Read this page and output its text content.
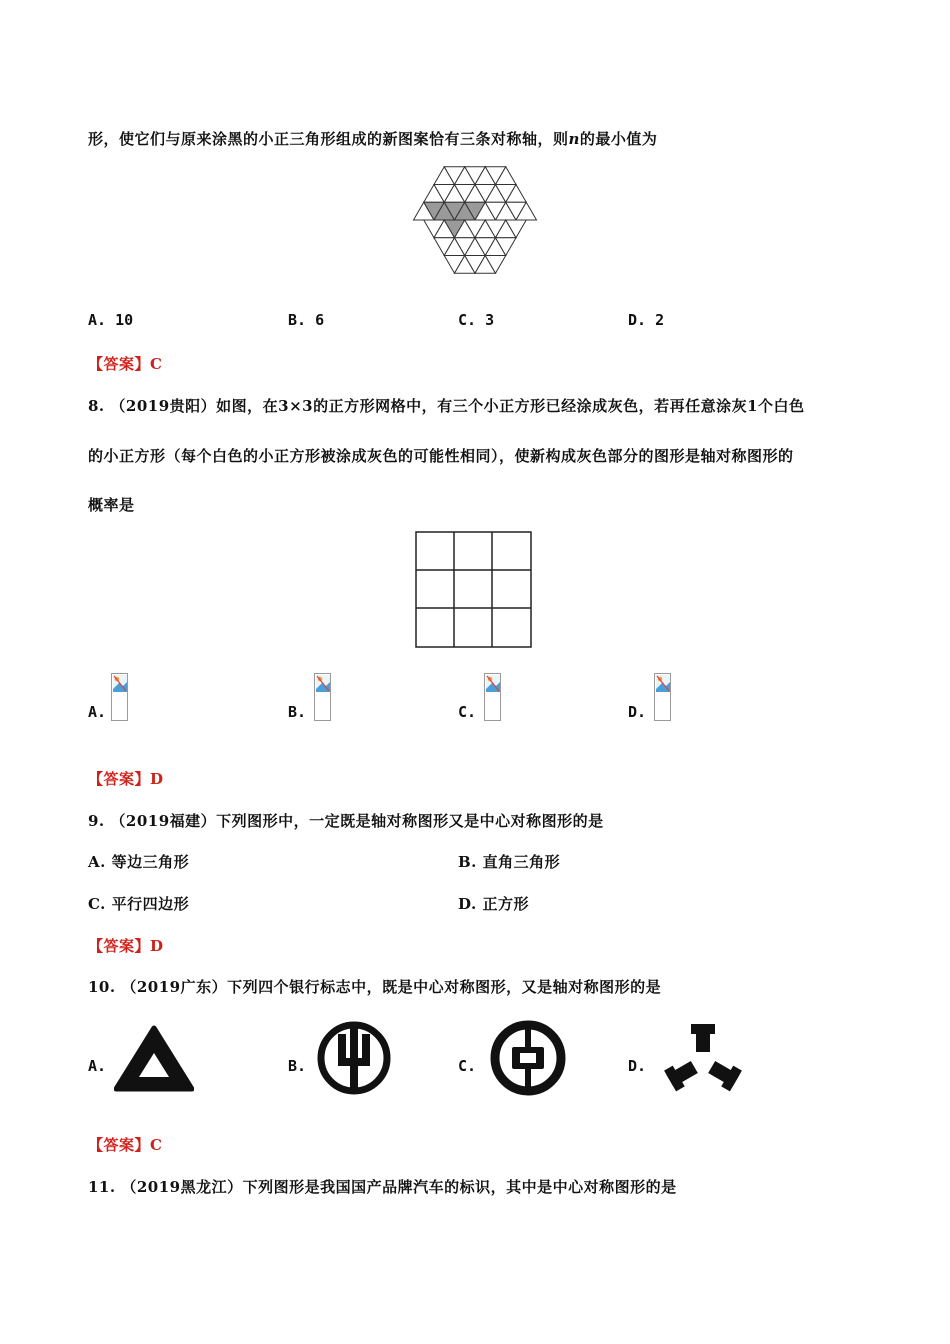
形，使它们与原来涂黑的小正三角形组成的新图案恰有三条对称轴，则n的最小值为
A. 10	B. 6	C. 3	D. 2
【答案】C
8. （2019贵阳）如图，在3×3的正方形网格中，有三个小正方形已经涂成灰色，若再任意涂灰1个白色
的小正方形（每个白色的小正方形被涂成灰色的可能性相同），使新构成灰色部分的图形是轴对称图形的
概率是
A.	B.	C.	D.
【答案】D
9. （2019福建）下列图形中，一定既是轴对称图形又是中心对称图形的是
A. 等边三角形	B. 直角三角形
C. 平行四边形	D. 正方形
【答案】D
10. （2019广东）下列四个银行标志中，既是中心对称图形，又是轴对称图形的是
A.	B.	C.	D.
【答案】C
11. （2019黑龙江）下列图形是我国国产品牌汽车的标识，其中是中心对称图形的是
